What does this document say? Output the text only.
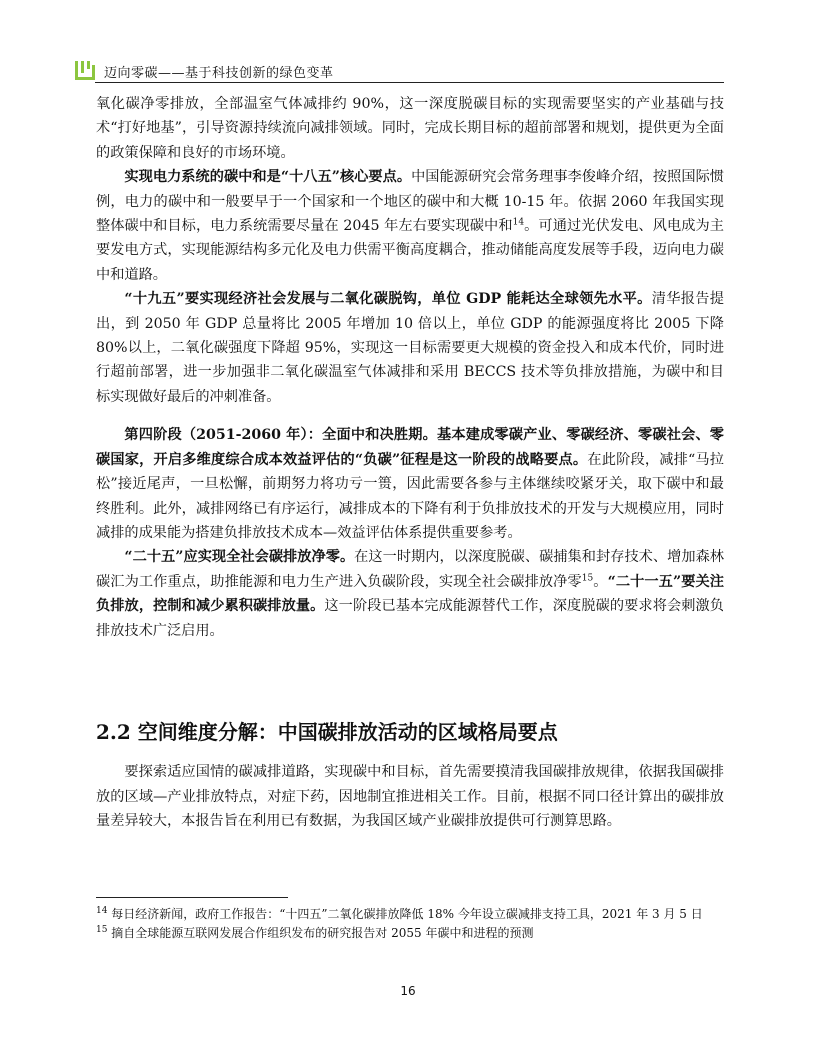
迈向零碳——基于科技创新的绿色变革

氧化碳净零排放，全部温室气体减排约 90%，这一深度脱碳目标的实现需要坚实的产业基础与技术“打好地基”，引导资源持续流向减排领域。同时，完成长期目标的超前部署和规划，提供更为全面的政策保障和良好的市场环境。

实现电力系统的碳中和是“十八五”核心要点。中国能源研究会常务理事李俊峰介绍，按照国际惯例，电力的碳中和一般要早于一个国家和一个地区的碳中和大概 10-15 年。依据 2060 年我国实现整体碳中和目标，电力系统需要尽量在 2045 年左右要实现碳中和$^{14}$。可通过光伏发电、风电成为主要发电方式，实现能源结构多元化及电力供需平衡高度耦合，推动储能高度发展等手段，迈向电力碳中和道路。

“十九五”要实现经济社会发展与二氧化碳脱钩，单位 GDP 能耗达全球领先水平。清华报告提出，到 2050 年 GDP 总量将比 2005 年增加 10 倍以上，单位 GDP 的能源强度将比 2005 下降 80%以上，二氧化碳强度下降超 95%，实现这一目标需要更大规模的资金投入和成本代价，同时进行超前部署，进一步加强非二氧化碳温室气体减排和采用 BECCS 技术等负排放措施，为碳中和目标实现做好最后的冲刺准备。

第四阶段（2051-2060 年）：全面中和决胜期。基本建成零碳产业、零碳经济、零碳社会、零碳国家，开启多维度综合成本效益评估的“负碳”征程是这一阶段的战略要点。在此阶段，减排“马拉松”接近尾声，一旦松懈，前期努力将功亏一篑，因此需要各参与主体继续咬紧牙关，取下碳中和最终胜利。此外，减排网络已有序运行，减排成本的下降有利于负排放技术的开发与大规模应用，同时减排的成果能为搭建负排放技术成本—效益评估体系提供重要参考。

“二十五”应实现全社会碳排放净零。在这一时期内，以深度脱碳、碳捕集和封存技术、增加森林碳汇为工作重点，助推能源和电力生产进入负碳阶段，实现全社会碳排放净零$^{15}$。“二十一五”要关注负排放，控制和减少累积碳排放量。这一阶段已基本完成能源替代工作，深度脱碳的要求将会刺激负排放技术广泛启用。

2.2 空间维度分解：中国碳排放活动的区域格局要点

要探索适应国情的碳减排道路，实现碳中和目标，首先需要摸清我国碳排放规律，依据我国碳排放的区域—产业排放特点，对症下药，因地制宜推进相关工作。目前，根据不同口径计算出的碳排放量差异较大，本报告旨在利用已有数据，为我国区域产业碳排放提供可行测算思路。

$^{14}$ 每日经济新闻，政府工作报告：“十四五”二氧化碳排放降低 18% 今年设立碳减排支持工具，2021 年 3 月 5 日

$^{15}$ 摘自全球能源互联网发展合作组织发布的研究报告对 2055 年碳中和进程的预测

16
